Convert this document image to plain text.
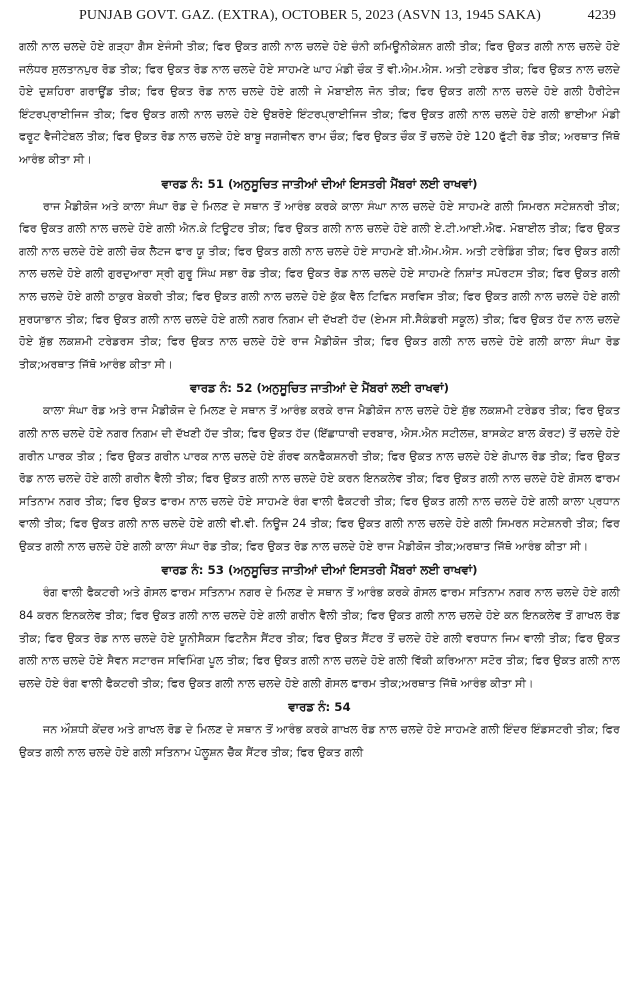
PUNJAB GOVT. GAZ. (EXTRA), OCTOBER 5, 2023 (ASVN 13, 1945 SAKA)	4239

ਗਲੀ ਨਾਲ ਚਲਦੇ ਹੋਏ ਗੜ੍ਹਾ ਗੈਸ ਏਜੰਸੀ ਤੀਕ; ਫਿਰ ਉਕਤ ਗਲੀ ਨਾਲ ਚਲਦੇ ਹੋਏ ਚੰਨੀ ਕਮਿਊਨੀਕੇਸ਼ਨ ਗਲੀ ਤੀਕ; ਫਿਰ ਉਕਤ ਗਲੀ ਨਾਲ ਚਲਦੇ ਹੋਏ ਜਲੰਧਰ ਸੁਲਤਾਨਪੁਰ ਰੋਡ ਤੀਕ; ਫਿਰ ਉਕਤ ਰੋਡ ਨਾਲ ਚਲਦੇ ਹੋਏ ਸਾਹਮਣੇ ਘਾਹ ਮੰਡੀ ਚੌਕ ਤੋਂ ਵੀ.ਐਮ.ਐਸ. ਅਤੀ ਟਰੇਡਰ ਤੀਕ; ਫਿਰ ਉਕਤ ਨਾਲ ਚਲਦੇ ਹੋਏ ਦੁਸ਼ਹਿਰਾ ਗਰਾਊਂਡ ਤੀਕ; ਫਿਰ ਉਕਤ ਰੋਡ ਨਾਲ ਚਲਦੇ ਹੋਏ ਗਲੀ ਜੇ ਮੋਬਾਈਲ ਜੋਨ ਤੀਕ; ਫਿਰ ਉਕਤ ਗਲੀ ਨਾਲ ਚਲਦੇ ਹੋਏ ਗਲੀ ਹੈਰੀਟੇਜ ਇੰਟਰਪ੍ਰਾਈਜਿਜ ਤੀਕ; ਫਿਰ ਉਕਤ ਗਲੀ ਨਾਲ ਚਲਦੇ ਹੋਏ ਉਬਰੋਏ ਇੰਟਰਪ੍ਰਾਈਜਿਜ ਤੀਕ; ਫਿਰ ਉਕਤ ਗਲੀ ਨਾਲ ਚਲਦੇ ਹੋਏ ਗਲੀ ਭਾਈਆ ਮੰਡੀ ਫਰੂਟ ਵੈਜੀਟੇਬਲ ਤੀਕ; ਫਿਰ ਉਕਤ ਰੋਡ ਨਾਲ ਚਲਦੇ ਹੋਏ ਬਾਬੂ ਜਗਜੀਵਨ ਰਾਮ ਚੌਕ; ਫਿਰ ਉਕਤ ਚੌਕ ਤੋਂ ਚਲਦੇ ਹੋਏ 120 ਫੁੱਟੀ ਰੋਡ ਤੀਕ; ਅਰਥਾਤ ਜਿੱਥੋ ਆਰੰਭ ਕੀਤਾ ਸੀ।

ਵਾਰਡ ਨੰ: 51 (ਅਨੁਸੂਚਿਤ ਜਾਤੀਆਂ ਦੀਆਂ ਇਸਤਰੀ ਮੈਂਬਰਾਂ ਲਈ ਰਾਖਵਾਂ)

ਰਾਜ ਮੈਡੀਕੋਜ ਅਤੇ ਕਾਲਾ ਸੰਘਾ ਰੋਡ ਦੇ ਮਿਲਣ ਦੇ ਸਥਾਨ ਤੋਂ ਆਰੰਭ ਕਰਕੇ ਕਾਲਾ ਸੰਘਾ ਨਾਲ ਚਲਦੇ ਹੋਏ ਸਾਹਮਣੇ ਗਲੀ ਸਿਮਰਨ ਸਟੇਸ਼ਨਰੀ ਤੀਕ; ਫਿਰ ਉਕਤ ਗਲੀ ਨਾਲ ਚਲਦੇ ਹੋਏ ਗਲੀ ਐਨ.ਕੇ ਟਿਊਟਰ ਤੀਕ; ਫਿਰ ਉਕਤ ਗਲੀ ਨਾਲ ਚਲਦੇ ਹੋਏ ਗਲੀ ਏ.ਟੀ.ਆਈ.ਐਫ. ਮੋਬਾਈਲ ਤੀਕ; ਫਿਰ ਉਕਤ ਗਲੀ ਨਾਲ ਚਲਦੇ ਹੋਏ ਗਲੀ ਚੋਕ ਲੈਟਜ ਫਾਰ ਯੂ ਤੀਕ; ਫਿਰ ਉਕਤ ਗਲੀ ਨਾਲ ਚਲਦੇ ਹੋਏ ਸਾਹਮਣੇ ਬੀ.ਐਮ.ਐਸ. ਅਤੀ ਟਰੇਡਿੰਗ ਤੀਕ; ਫਿਰ ਉਕਤ ਗਲੀ ਨਾਲ ਚਲਦੇ ਹੋਏ ਗਲੀ ਗੁਰਦੁਆਰਾ ਸ੍ਰੀ ਗੁਰੂ ਸਿੰਘ ਸਭਾ ਰੋਡ ਤੀਕ; ਫਿਰ ਉਕਤ ਰੋਡ ਨਾਲ ਚਲਦੇ ਹੋਏ ਸਾਹਮਣੇ ਨਿਸ਼ਾਂਤ ਸਪੋਰਟਸ ਤੀਕ; ਫਿਰ ਉਕਤ ਗਲੀ ਨਾਲ ਚਲਦੇ ਹੋਏ ਗਲੀ ਠਾਕੁਰ ਬੇਕਰੀ ਤੀਕ; ਫਿਰ ਉਕਤ ਗਲੀ ਨਾਲ ਚਲਦੇ ਹੋਏ ਕੁੱਕ ਵੈਲ ਟਿਫਿਨ ਸਰਵਿਸ ਤੀਕ; ਫਿਰ ਉਕਤ ਗਲੀ ਨਾਲ ਚਲਦੇ ਹੋਏ ਗਲੀ ਸੁਰਯਾਭਾਨ ਤੀਕ; ਫਿਰ ਉਕਤ ਗਲੀ ਨਾਲ ਚਲਦੇ ਹੋਏ ਗਲੀ ਨਗਰ ਨਿਗਮ ਦੀ ਦੱਖਣੀ ਹੱਦ (ਏਮਸ ਸੀ.ਸੈਕੰਡਰੀ ਸਕੂਲ) ਤੀਕ; ਫਿਰ ਉਕਤ ਹੱਦ ਨਾਲ ਚਲਦੇ ਹੋਏ ਸ਼ੁੱਭ ਲਕਸ਼ਮੀ ਟਰੇਡਰਸ ਤੀਕ; ਫਿਰ ਉਕਤ ਨਾਲ ਚਲਦੇ ਹੋਏ ਰਾਜ ਮੈਡੀਕੋਜ ਤੀਕ; ਫਿਰ ਉਕਤ ਗਲੀ ਨਾਲ ਚਲਦੇ ਹੋਏ ਗਲੀ ਕਾਲਾ ਸੰਘਾ ਰੋਡ ਤੀਕ;ਅਰਥਾਤ ਜਿੱਥੋ ਆਰੰਭ ਕੀਤਾ ਸੀ।

ਵਾਰਡ ਨੰ: 52 (ਅਨੁਸੂਚਿਤ ਜਾਤੀਆਂ ਦੇ ਮੈਂਬਰਾਂ ਲਈ ਰਾਖਵਾਂ)

ਕਾਲਾ ਸੰਘਾ ਰੋਡ ਅਤੇ ਰਾਜ ਮੈਡੀਕੋਜ ਦੇ ਮਿਲਣ ਦੇ ਸਥਾਨ ਤੋਂ ਆਰੰਭ ਕਰਕੇ ਰਾਜ ਮੈਡੀਕੋਜ ਨਾਲ ਚਲਦੇ ਹੋਏ ਸ਼ੁੱਭ ਲਕਸ਼ਮੀ ਟਰੇਡਰ ਤੀਕ; ਫਿਰ ਉਕਤ ਗਲੀ ਨਾਲ ਚਲਦੇ ਹੋਏ ਨਗਰ ਨਿਗਮ ਦੀ ਦੱਖਣੀ ਹੱਦ ਤੀਕ; ਫਿਰ ਉਕਤ ਹੱਦ (ਇੱਛਾਧਾਰੀ ਦਰਬਾਰ, ਐਸ.ਐਨ ਸਟੀਲਜ਼, ਬਾਸਕੇਟ ਬਾਲ ਕੋਰਟ) ਤੋਂ ਚਲਦੇ ਹੋਏ ਗਰੀਨ ਪਾਰਕ ਤੀਕ ; ਫਿਰ ਉਕਤ ਗਰੀਨ ਪਾਰਕ ਨਾਲ ਚਲਦੇ ਹੋਏ ਗੌਰਵ ਕਨਫੈਕਸ਼ਨਰੀ ਤੀਕ; ਫਿਰ ਉਕਤ ਨਾਲ ਚਲਦੇ ਹੋਏ ਗੋਪਾਲ ਰੋਡ ਤੀਕ; ਫਿਰ ਉਕਤ ਰੋਡ ਨਾਲ ਚਲਦੇ ਹੋਏ ਗਲੀ ਗਰੀਨ ਵੈਲੀ ਤੀਕ; ਫਿਰ ਉਕਤ ਗਲੀ ਨਾਲ ਚਲਦੇ ਹੋਏ ਕਰਨ ਇਨਕਲੇਵ ਤੀਕ; ਫਿਰ ਉਕਤ ਗਲੀ ਨਾਲ ਚਲਦੇ ਹੋਏ ਗੋਸਲ ਫਾਰਮ ਸਤਿਨਾਮ ਨਗਰ ਤੀਕ; ਫਿਰ ਉਕਤ ਫਾਰਮ ਨਾਲ ਚਲਦੇ ਹੋਏ ਸਾਹਮਣੇ ਰੰਗ ਵਾਲੀ ਫੈਕਟਰੀ ਤੀਕ; ਫਿਰ ਉਕਤ ਗਲੀ ਨਾਲ ਚਲਦੇ ਹੋਏ ਗਲੀ ਕਾਲਾ ਪ੍ਰਧਾਨ ਵਾਲੀ ਤੀਕ; ਫਿਰ ਉਕਤ ਗਲੀ ਨਾਲ ਚਲਦੇ ਹੋਏ ਗਲੀ ਵੀ.ਵੀ. ਨਿਊਜ 24 ਤੀਕ; ਫਿਰ ਉਕਤ ਗਲੀ ਨਾਲ ਚਲਦੇ ਹੋਏ ਗਲੀ ਸਿਮਰਨ ਸਟੇਸ਼ਨਰੀ ਤੀਕ; ਫਿਰ ਉਕਤ ਗਲੀ ਨਾਲ ਚਲਦੇ ਹੋਏ ਗਲੀ ਕਾਲਾ ਸੰਘਾ ਰੋਡ ਤੀਕ; ਫਿਰ ਉਕਤ ਰੋਡ ਨਾਲ ਚਲਦੇ ਹੋਏ ਰਾਜ ਮੈਡੀਕੋਜ ਤੀਕ;ਅਰਥਾਤ ਜਿੱਥੋ ਆਰੰਭ ਕੀਤਾ ਸੀ।

ਵਾਰਡ ਨੰ: 53 (ਅਨੁਸੂਚਿਤ ਜਾਤੀਆਂ ਦੀਆਂ ਇਸਤਰੀ ਮੈਂਬਰਾਂ ਲਈ ਰਾਖਵਾਂ)

ਰੰਗ ਵਾਲੀ ਫੈਕਟਰੀ ਅਤੇ ਗੋਸਲ ਫਾਰਮ ਸਤਿਨਾਮ ਨਗਰ ਦੇ ਮਿਲਣ ਦੇ ਸਥਾਨ ਤੋਂ ਆਰੰਭ ਕਰਕੇ ਗੋਸਲ ਫਾਰਮ ਸਤਿਨਾਮ ਨਗਰ ਨਾਲ ਚਲਦੇ ਹੋਏ ਗਲੀ 84 ਕਰਨ ਇਨਕਲੇਵ ਤੀਕ; ਫਿਰ ਉਕਤ ਗਲੀ ਨਾਲ ਚਲਦੇ ਹੋਏ ਗਲੀ ਗਰੀਨ ਵੈਲੀ ਤੀਕ; ਫਿਰ ਉਕਤ ਗਲੀ ਨਾਲ ਚਲਦੇ ਹੋਏ ਕਨ ਇਨਕਲੇਵ ਤੋਂ ਗਾਖਲ ਰੋਡ ਤੀਕ; ਫਿਰ ਉਕਤ ਰੋਡ ਨਾਲ ਚਲਦੇ ਹੋਏ ਯੂਨੀਸੈਕਸ ਫਿਟਨੈਸ ਸੈਂਟਰ ਤੀਕ; ਫਿਰ ਉਕਤ ਸੈਂਟਰ ਤੋਂ ਚਲਦੇ ਹੋਏ ਗਲੀ ਵਰਧਾਨ ਜਿਮ ਵਾਲੀ ਤੀਕ; ਫਿਰ ਉਕਤ ਗਲੀ ਨਾਲ ਚਲਦੇ ਹੋਏ ਸੈਵਨ ਸਟਾਰਜ ਸਵਿਮਿੰਗ ਪੂਲ ਤੀਕ; ਫਿਰ ਉਕਤ ਗਲੀ ਨਾਲ ਚਲਦੇ ਹੋਏ ਗਲੀ ਵਿੱਕੀ ਕਰਿਆਨਾ ਸਟੋਰ ਤੀਕ; ਫਿਰ ਉਕਤ ਗਲੀ ਨਾਲ ਚਲਦੇ ਹੋਏ ਰੰਗ ਵਾਲੀ ਫੈਕਟਰੀ ਤੀਕ; ਫਿਰ ਉਕਤ ਗਲੀ ਨਾਲ ਚਲਦੇ ਹੋਏ ਗਲੀ ਗੋਸਲ ਫਾਰਮ ਤੀਕ;ਅਰਥਾਤ ਜਿੱਥੋ ਆਰੰਭ ਕੀਤਾ ਸੀ।

ਵਾਰਡ ਨੰ: 54

ਜਨ ਔਸ਼ਧੀ ਕੇਂਦਰ ਅਤੇ ਗਾਖਲ ਰੋਡ ਦੇ ਮਿਲਣ ਦੇ ਸਥਾਨ ਤੋਂ ਆਰੰਭ ਕਰਕੇ ਗਾਖਲ ਰੋਡ ਨਾਲ ਚਲਦੇ ਹੋਏ ਸਾਹਮਣੇ ਗਲੀ ਇੰਦਰ ਇੰਡਸਟਰੀ ਤੀਕ; ਫਿਰ ਉਕਤ ਗਲੀ ਨਾਲ ਚਲਦੇ ਹੋਏ ਗਲੀ ਸਤਿਨਾਮ ਪੋਲੂਸ਼ਨ ਚੈੱਕ ਸੈਂਟਰ ਤੀਕ; ਫਿਰ ਉਕਤ ਗਲੀ
